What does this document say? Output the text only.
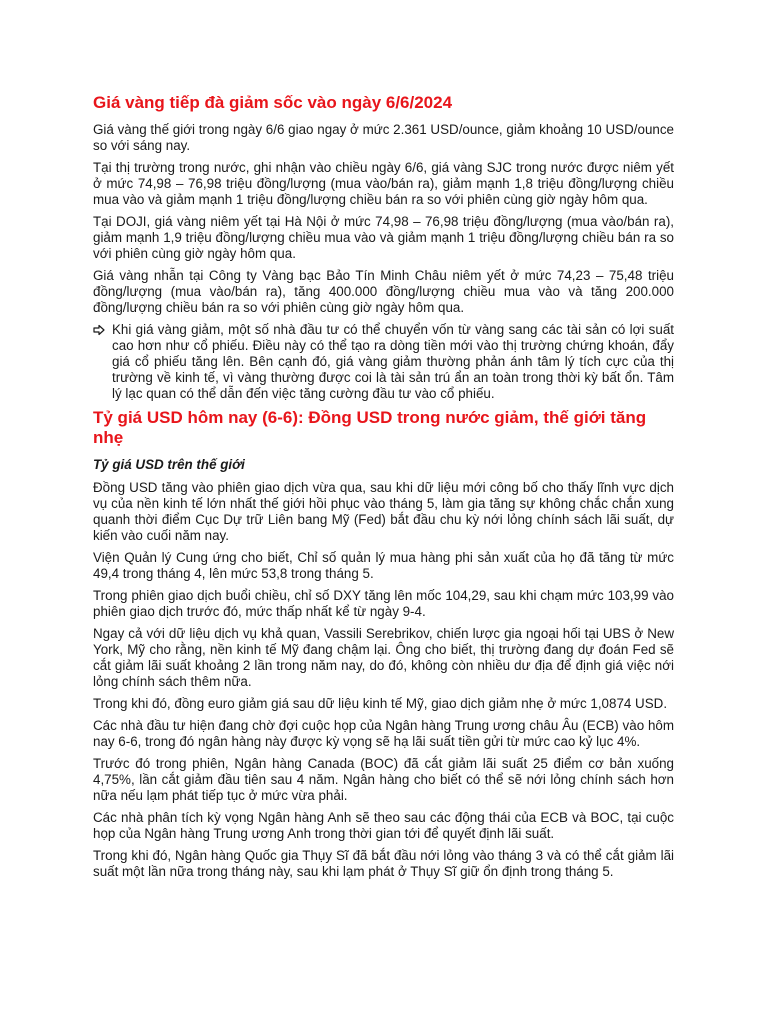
Giá vàng tiếp đà giảm sốc vào ngày 6/6/2024

Giá vàng thế giới trong ngày 6/6 giao ngay ở mức 2.361 USD/ounce, giảm khoảng 10 USD/ounce so với sáng nay.

Tại thị trường trong nước, ghi nhận vào chiều ngày 6/6, giá vàng SJC trong nước được niêm yết ở mức 74,98 – 76,98 triệu đồng/lượng (mua vào/bán ra), giảm mạnh 1,8 triệu đồng/lượng chiều mua vào và giảm mạnh 1 triệu đồng/lượng chiều bán ra so với phiên cùng giờ ngày hôm qua.

Tại DOJI, giá vàng niêm yết tại Hà Nội ở mức 74,98 – 76,98 triệu đồng/lượng (mua vào/bán ra), giảm mạnh 1,9 triệu đồng/lượng chiều mua vào và giảm mạnh 1 triệu đồng/lượng chiều bán ra so với phiên cùng giờ ngày hôm qua.

Giá vàng nhẫn tại Công ty Vàng bạc Bảo Tín Minh Châu niêm yết ở mức 74,23 – 75,48 triệu đồng/lượng (mua vào/bán ra), tăng 400.000 đồng/lượng chiều mua vào và tăng 200.000 đồng/lượng chiều bán ra so với phiên cùng giờ ngày hôm qua.

Khi giá vàng giảm, một số nhà đầu tư có thể chuyển vốn từ vàng sang các tài sản có lợi suất cao hơn như cổ phiếu. Điều này có thể tạo ra dòng tiền mới vào thị trường chứng khoán, đẩy giá cổ phiếu tăng lên. Bên cạnh đó, giá vàng giảm thường phản ánh tâm lý tích cực của thị trường về kinh tế, vì vàng thường được coi là tài sản trú ẩn an toàn trong thời kỳ bất ổn. Tâm lý lạc quan có thể dẫn đến việc tăng cường đầu tư vào cổ phiếu.

Tỷ giá USD hôm nay (6-6): Đồng USD trong nước giảm, thế giới tăng nhẹ

Tỷ giá USD trên thế giới

Đồng USD tăng vào phiên giao dịch vừa qua, sau khi dữ liệu mới công bố cho thấy lĩnh vực dịch vụ của nền kinh tế lớn nhất thế giới hồi phục vào tháng 5, làm gia tăng sự không chắc chắn xung quanh thời điểm Cục Dự trữ Liên bang Mỹ (Fed) bắt đầu chu kỳ nới lỏng chính sách lãi suất, dự kiến vào cuối năm nay.

Viện Quản lý Cung ứng cho biết, Chỉ số quản lý mua hàng phi sản xuất của họ đã tăng từ mức 49,4 trong tháng 4, lên mức 53,8 trong tháng 5.

Trong phiên giao dịch buổi chiều, chỉ số DXY tăng lên mốc 104,29, sau khi chạm mức 103,99 vào phiên giao dịch trước đó, mức thấp nhất kể từ ngày 9-4.

Ngay cả với dữ liệu dịch vụ khả quan, Vassili Serebrikov, chiến lược gia ngoại hối tại UBS ở New York, Mỹ cho rằng, nền kinh tế Mỹ đang chậm lại. Ông cho biết, thị trường đang dự đoán Fed sẽ cắt giảm lãi suất khoảng 2 lần trong năm nay, do đó, không còn nhiều dư địa để định giá việc nới lỏng chính sách thêm nữa.

Trong khi đó, đồng euro giảm giá sau dữ liệu kinh tế Mỹ, giao dịch giảm nhẹ ở mức 1,0874 USD.

Các nhà đầu tư hiện đang chờ đợi cuộc họp của Ngân hàng Trung ương châu Âu (ECB) vào hôm nay 6-6, trong đó ngân hàng này được kỳ vọng sẽ hạ lãi suất tiền gửi từ mức cao kỷ lục 4%.

Trước đó trong phiên, Ngân hàng Canada (BOC) đã cắt giảm lãi suất 25 điểm cơ bản xuống 4,75%, lần cắt giảm đầu tiên sau 4 năm. Ngân hàng cho biết có thể sẽ nới lỏng chính sách hơn nữa nếu lạm phát tiếp tục ở mức vừa phải.

Các nhà phân tích kỳ vọng Ngân hàng Anh sẽ theo sau các động thái của ECB và BOC, tại cuộc họp của Ngân hàng Trung ương Anh trong thời gian tới để quyết định lãi suất.

Trong khi đó, Ngân hàng Quốc gia Thụy Sĩ đã bắt đầu nới lỏng vào tháng 3 và có thể cắt giảm lãi suất một lần nữa trong tháng này, sau khi lạm phát ở Thụy Sĩ giữ ổn định trong tháng 5.
